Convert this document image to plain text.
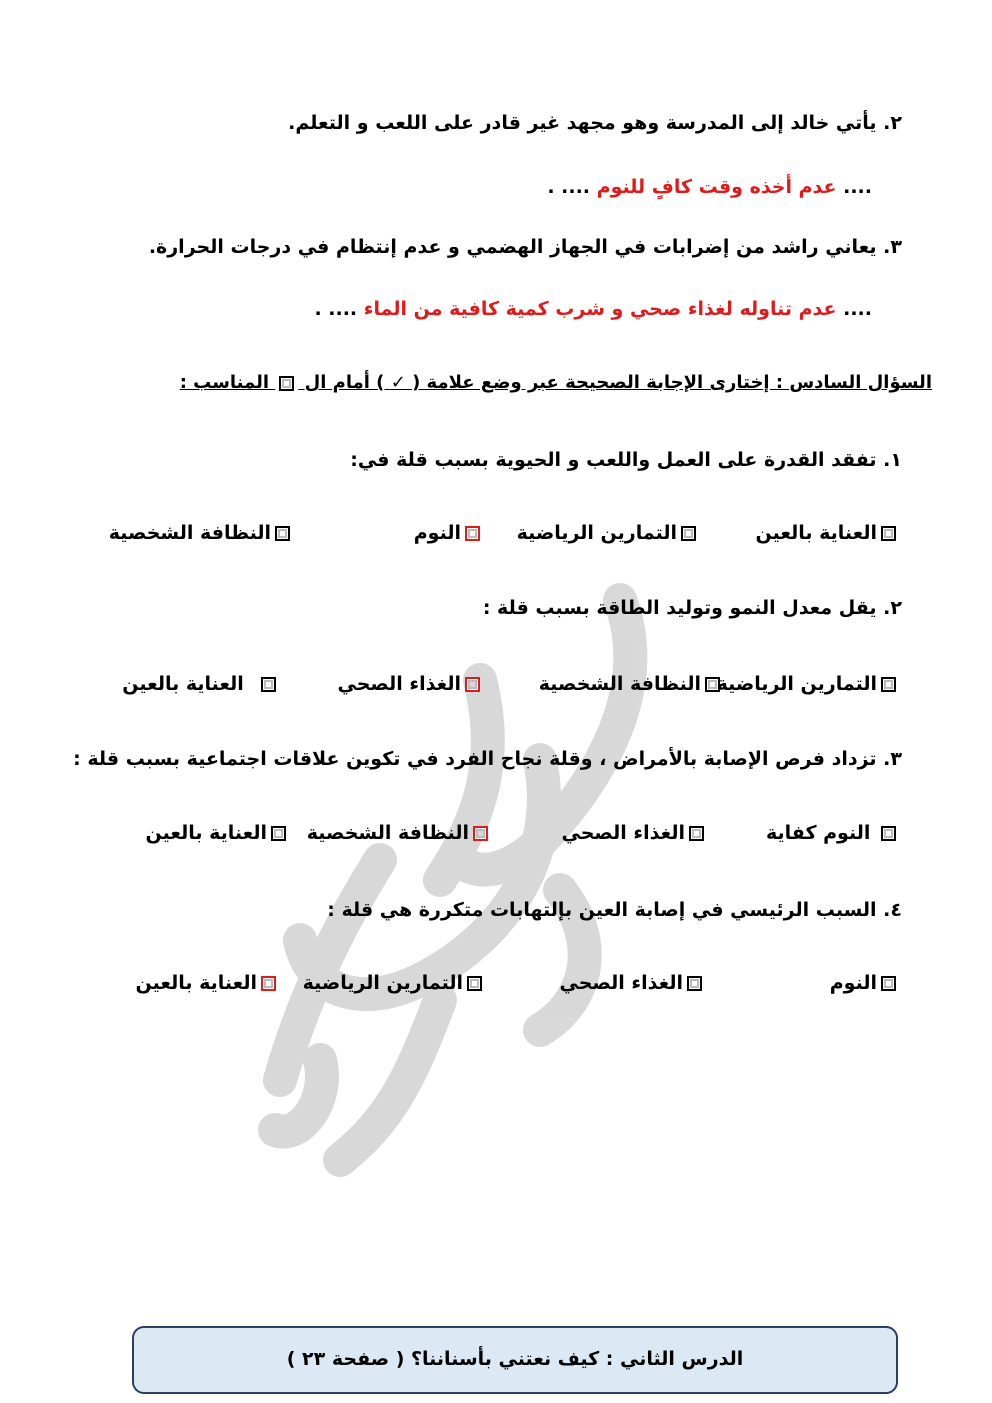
٢. يأتي خالد إلى المدرسة وهو مجهد غير قادر على اللعب و التعلم.
.... عدم أخذه وقت كافٍ للنوم .... .
٣. يعاني راشد من إضرابات في الجهاز الهضمي و عدم إنتظام في درجات الحرارة.
.... عدم تناوله لغذاء صحي و شرب كمية كافية من الماء .... .
السؤال السادس : إختارى الإجابة الصحيحة عبر وضع علامة ( ✓ ) أمام ال  المناسب :
١. تفقد القدرة على العمل واللعب و الحيوية بسبب قلة في:
العناية بالعين
التمارين الرياضية
النوم
النظافة الشخصية
٢. يقل معدل النمو وتوليد الطاقة بسبب قلة :
التمارين الرياضية
النظافة الشخصية
الغذاء الصحي
العناية بالعين
٣. تزداد فرص الإصابة بالأمراض ، وقلة نجاح الفرد في تكوين علاقات اجتماعية بسبب قلة :
النوم كفاية
الغذاء الصحي
النظافة الشخصية
العناية بالعين
٤. السبب الرئيسي في إصابة العين بإلتهابات متكررة هي قلة :
النوم
الغذاء الصحي
التمارين الرياضية
العناية بالعين
الدرس الثاني : كيف نعتني بأسناننا؟ ( صفحة ٢٣ )
